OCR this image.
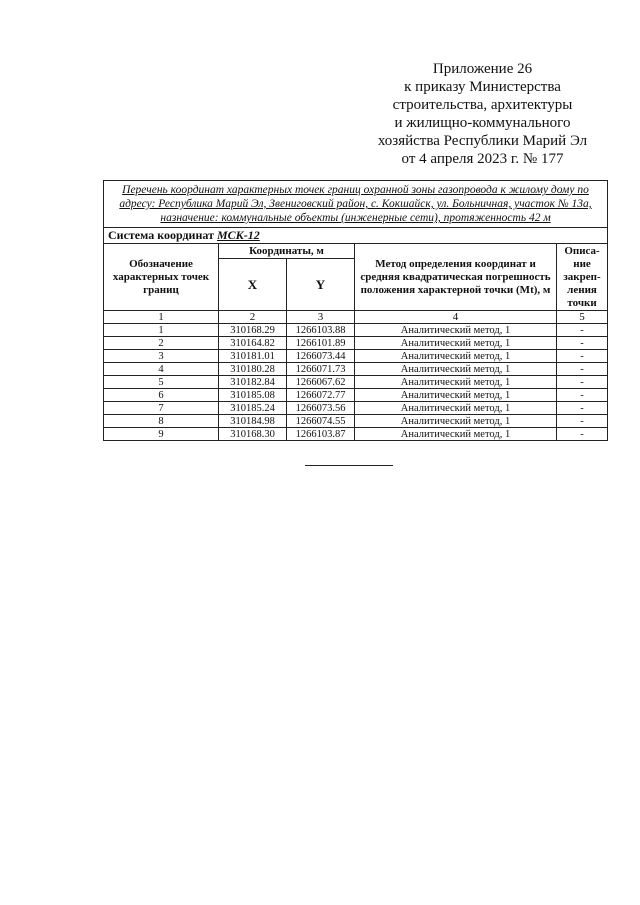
Приложение 26
к приказу Министерства
строительства, архитектуры
и жилищно-коммунального
хозяйства Республики Марий Эл
от 4 апреля 2023 г. № 177
Перечень координат характерных точек границ охранной зоны газопровода к жилому дому по адресу: Республика Марий Эл, Звениговский район, с. Кокшайск, ул. Больничная, участок № 13а, назначение: коммунальные объекты (инженерные сети), протяженность 42 м				
Система координат МСК-12				
Обозначение характерных точек границ	Координаты, м		Метод определения координат и средняя квадратическая погрешность положения характерной точки (Mt), м	Описа-ние закреп-ления точки
	X	Y		
1	2	3	4	5
1	310168.29	1266103.88	Аналитический метод, 1	-
2	310164.82	1266101.89	Аналитический метод, 1	-
3	310181.01	1266073.44	Аналитический метод, 1	-
4	310180.28	1266071.73	Аналитический метод, 1	-
5	310182.84	1266067.62	Аналитический метод, 1	-
6	310185.08	1266072.77	Аналитический метод, 1	-
7	310185.24	1266073.56	Аналитический метод, 1	-
8	310184.98	1266074.55	Аналитический метод, 1	-
9	310168.30	1266103.87	Аналитический метод, 1	-
